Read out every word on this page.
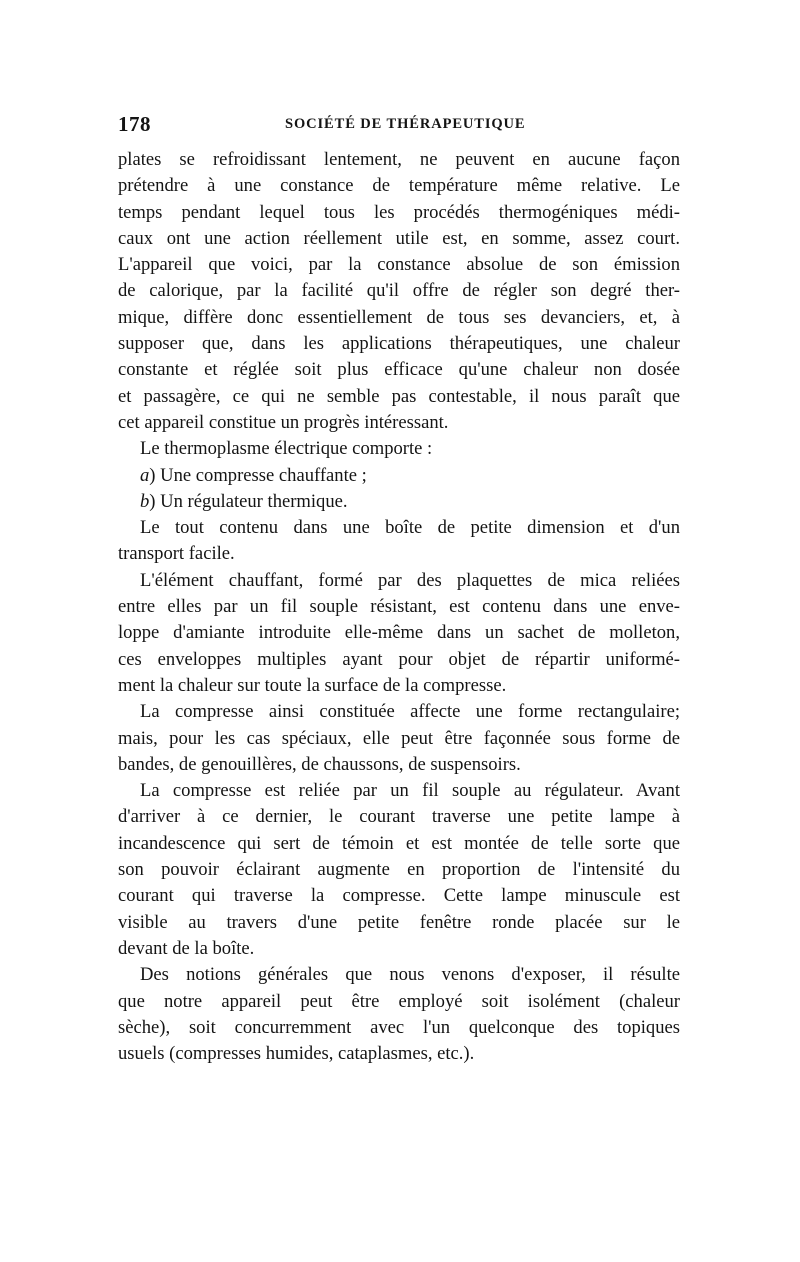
178	SOCIÉTÉ DE THÉRAPEUTIQUE
plates se refroidissant lentement, ne peuvent en aucune façon
prétendre à une constance de température même relative. Le
temps pendant lequel tous les procédés thermogéniques médi-
caux ont une action réellement utile est, en somme, assez court.
L'appareil que voici, par la constance absolue de son émission
de calorique, par la facilité qu'il offre de régler son degré ther-
mique, diffère donc essentiellement de tous ses devanciers, et, à
supposer que, dans les applications thérapeutiques, une chaleur
constante et réglée soit plus efficace qu'une chaleur non dosée
et passagère, ce qui ne semble pas contestable, il nous paraît que
cet appareil constitue un progrès intéressant.
Le thermoplasme électrique comporte :
a) Une compresse chauffante ;
b) Un régulateur thermique.
Le tout contenu dans une boîte de petite dimension et d'un
transport facile.
L'élément chauffant, formé par des plaquettes de mica reliées
entre elles par un fil souple résistant, est contenu dans une enve-
loppe d'amiante introduite elle-même dans un sachet de molleton,
ces enveloppes multiples ayant pour objet de répartir uniformé-
ment la chaleur sur toute la surface de la compresse.
La compresse ainsi constituée affecte une forme rectangulaire;
mais, pour les cas spéciaux, elle peut être façonnée sous forme de
bandes, de genouillères, de chaussons, de suspensoirs.
La compresse est reliée par un fil souple au régulateur. Avant
d'arriver à ce dernier, le courant traverse une petite lampe à
incandescence qui sert de témoin et est montée de telle sorte que
son pouvoir éclairant augmente en proportion de l'intensité du
courant qui traverse la compresse. Cette lampe minuscule est
visible au travers d'une petite fenêtre ronde placée sur le
devant de la boîte.
Des notions générales que nous venons d'exposer, il résulte
que notre appareil peut être employé soit isolément (chaleur
sèche), soit concurremment avec l'un quelconque des topiques
usuels (compresses humides, cataplasmes, etc.).
